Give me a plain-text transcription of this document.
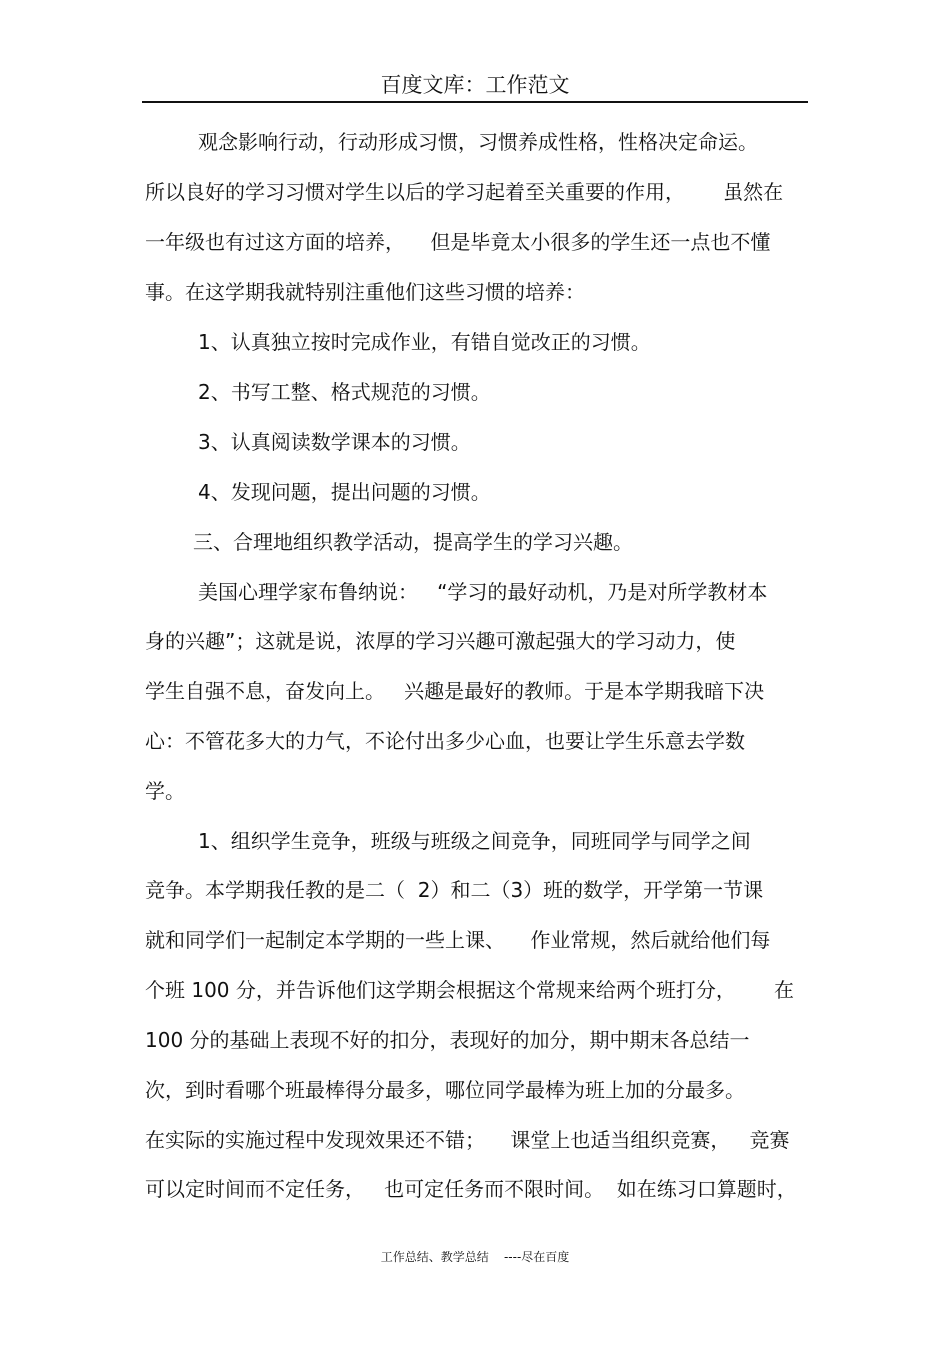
百度文库：工作范文
观念影响行动，行动形成习惯，习惯养成性格，性格决定命运。
所以良好的学习习惯对学生以后的学习起着至关重要的作用，      虽然在
一年级也有过这方面的培养，    但是毕竟太小很多的学生还一点也不懂
事。在这学期我就特别注重他们这些习惯的培养：
1、认真独立按时完成作业，有错自觉改正的习惯。
2、书写工整、格式规范的习惯。
3、认真阅读数学课本的习惯。
4、发现问题，提出问题的习惯。
三、合理地组织教学活动，提高学生的学习兴趣。
美国心理学家布鲁纳说：   “学习的最好动机，乃是对所学教材本
身的兴趣”；这就是说，浓厚的学习兴趣可激起强大的学习动力，使
学生自强不息，奋发向上。   兴趣是最好的教师。于是本学期我暗下决
心：不管花多大的力气，不论付出多少心血，也要让学生乐意去学数
学。
1、组织学生竞争，班级与班级之间竞争，同班同学与同学之间
竞争。本学期我任教的是二（  2）和二（3）班的数学，开学第一节课
就和同学们一起制定本学期的一些上课、    作业常规，然后就给他们每
个班 100 分，并告诉他们这学期会根据这个常规来给两个班打分，      在
100 分的基础上表现不好的扣分，表现好的加分，期中期末各总结一
次，到时看哪个班最棒得分最多，哪位同学最棒为班上加的分最多。
在实际的实施过程中发现效果还不错；    课堂上也适当组织竞赛，   竞赛
可以定时间而不定任务，   也可定任务而不限时间。  如在练习口算题时，
工作总结、教学总结    ----尽在百度
